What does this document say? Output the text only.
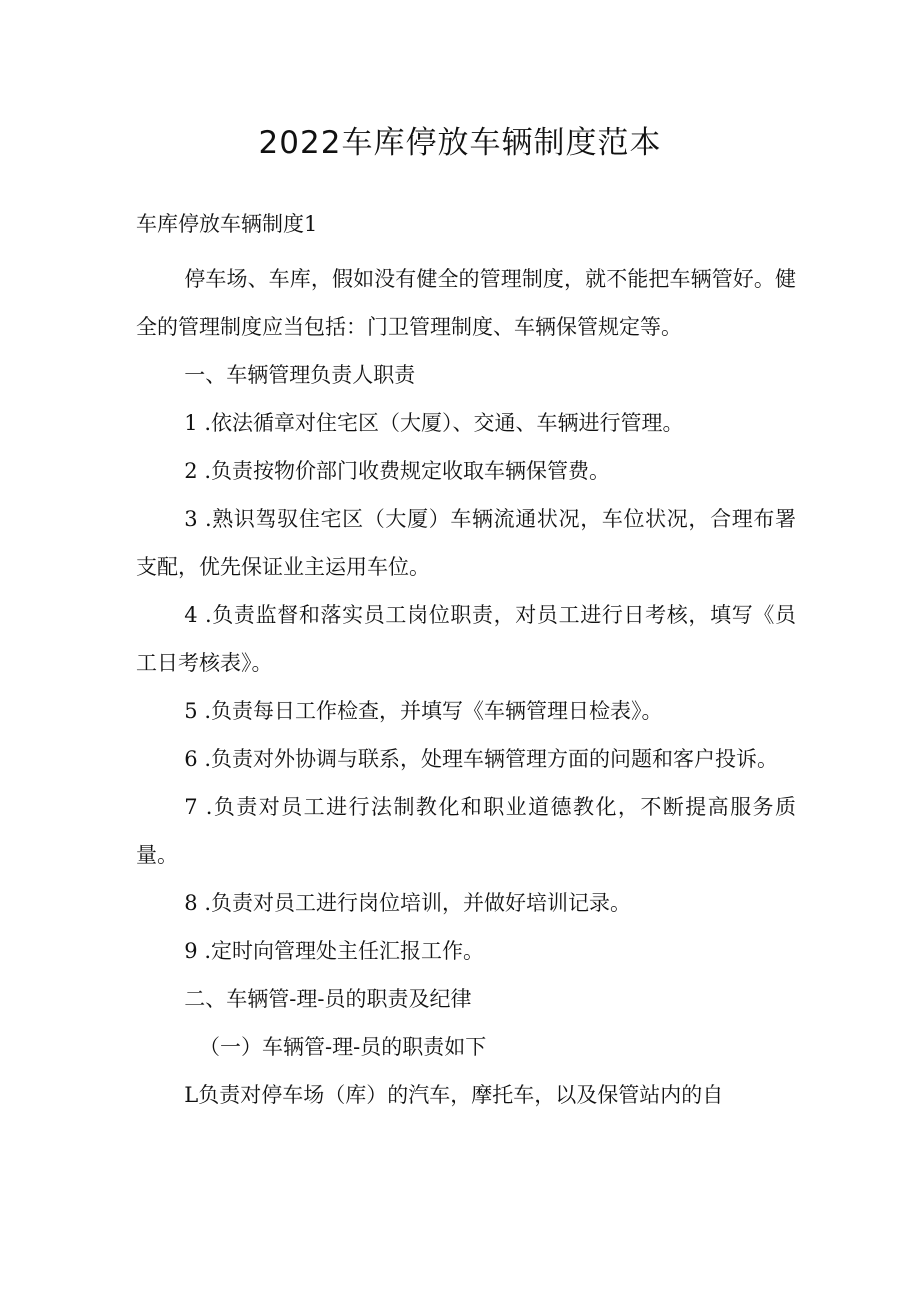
2022车库停放车辆制度范本

车库停放车辆制度1

停车场、车库，假如没有健全的管理制度，就不能把车辆管好。健全的管理制度应当包括：门卫管理制度、车辆保管规定等。

一、车辆管理负责人职责

1 .依法循章对住宅区（大厦）、交通、车辆进行管理。

2 .负责按物价部门收费规定收取车辆保管费。

3 .熟识驾驭住宅区（大厦）车辆流通状况，车位状况，合理布署支配，优先保证业主运用车位。

4 .负责监督和落实员工岗位职责，对员工进行日考核，填写《员工日考核表》。

5 .负责每日工作检查，并填写《车辆管理日检表》。

6 .负责对外协调与联系，处理车辆管理方面的问题和客户投诉。

7 .负责对员工进行法制教化和职业道德教化，不断提高服务质量。

8 .负责对员工进行岗位培训，并做好培训记录。

9 .定时向管理处主任汇报工作。

二、车辆管-理-员的职责及纪律

（一）车辆管-理-员的职责如下

L负责对停车场（库）的汽车，摩托车，以及保管站内的自
